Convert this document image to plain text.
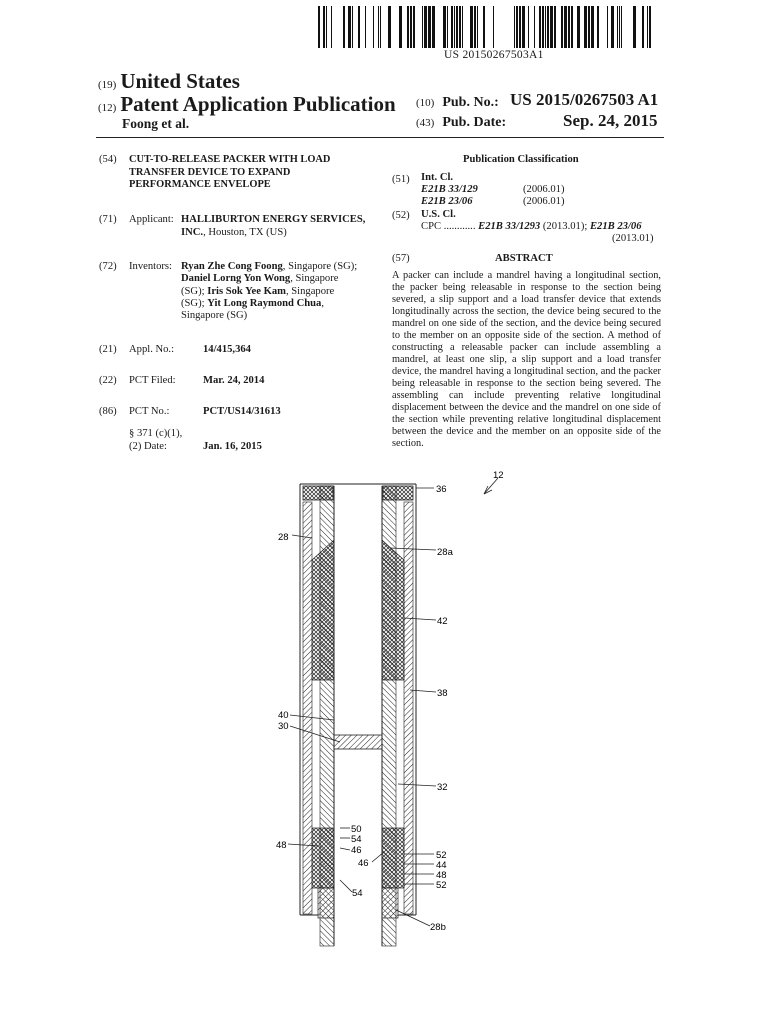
US 20150267503A1
(19) United States
(12) Patent Application Publication
Foong et al.
(10) Pub. No.: US 2015/0267503 A1
(43) Pub. Date:	Sep. 24, 2015
(54) CUT-TO-RELEASE PACKER WITH LOAD TRANSFER DEVICE TO EXPAND PERFORMANCE ENVELOPE
(71) Applicant: HALLIBURTON ENERGY SERVICES, INC., Houston, TX (US)
(72) Inventors: Ryan Zhe Cong Foong, Singapore (SG);
Daniel Lorng Yon Wong, Singapore
(SG); Iris Sok Yee Kam, Singapore
(SG); Yit Long Raymond Chua,
Singapore (SG)
(21) Appl. No.:	14/415,364
(22) PCT Filed:	Mar. 24, 2014
(86) PCT No.:	PCT/US14/31613
§ 371 (c)(1),
(2) Date:	Jan. 16, 2015
Publication Classification
(51) Int. Cl.
E21B 33/129	(2006.01)
E21B 23/06	(2006.01)
(52) U.S. Cl.
CPC ............ E21B 33/1293 (2013.01); E21B 23/06
(2013.01)
(57)	ABSTRACT
A packer can include a mandrel having a longitudinal section, the packer being releasable in response to the section being severed, a slip support and a load transfer device that extends longitudinally across the section, the device being secured to the mandrel on one side of the section, and the device being secured to the member on an opposite side of the section. A method of constructing a releasable packer can include assembling a mandrel, at least one slip, a slip support and a load transfer device, the mandrel having a longitudinal section, and the packer being releasable in response to the section being severed. The assembling can include preventing relative longitudinal displacement between the device and the mandrel on one side of the section while preventing relative longitudinal displacement between the device and the member on an opposite side of the section.
12
36
28
28a
42
38
40
30
32
50
54
46
48
46
54
52
44
48
52
28b
